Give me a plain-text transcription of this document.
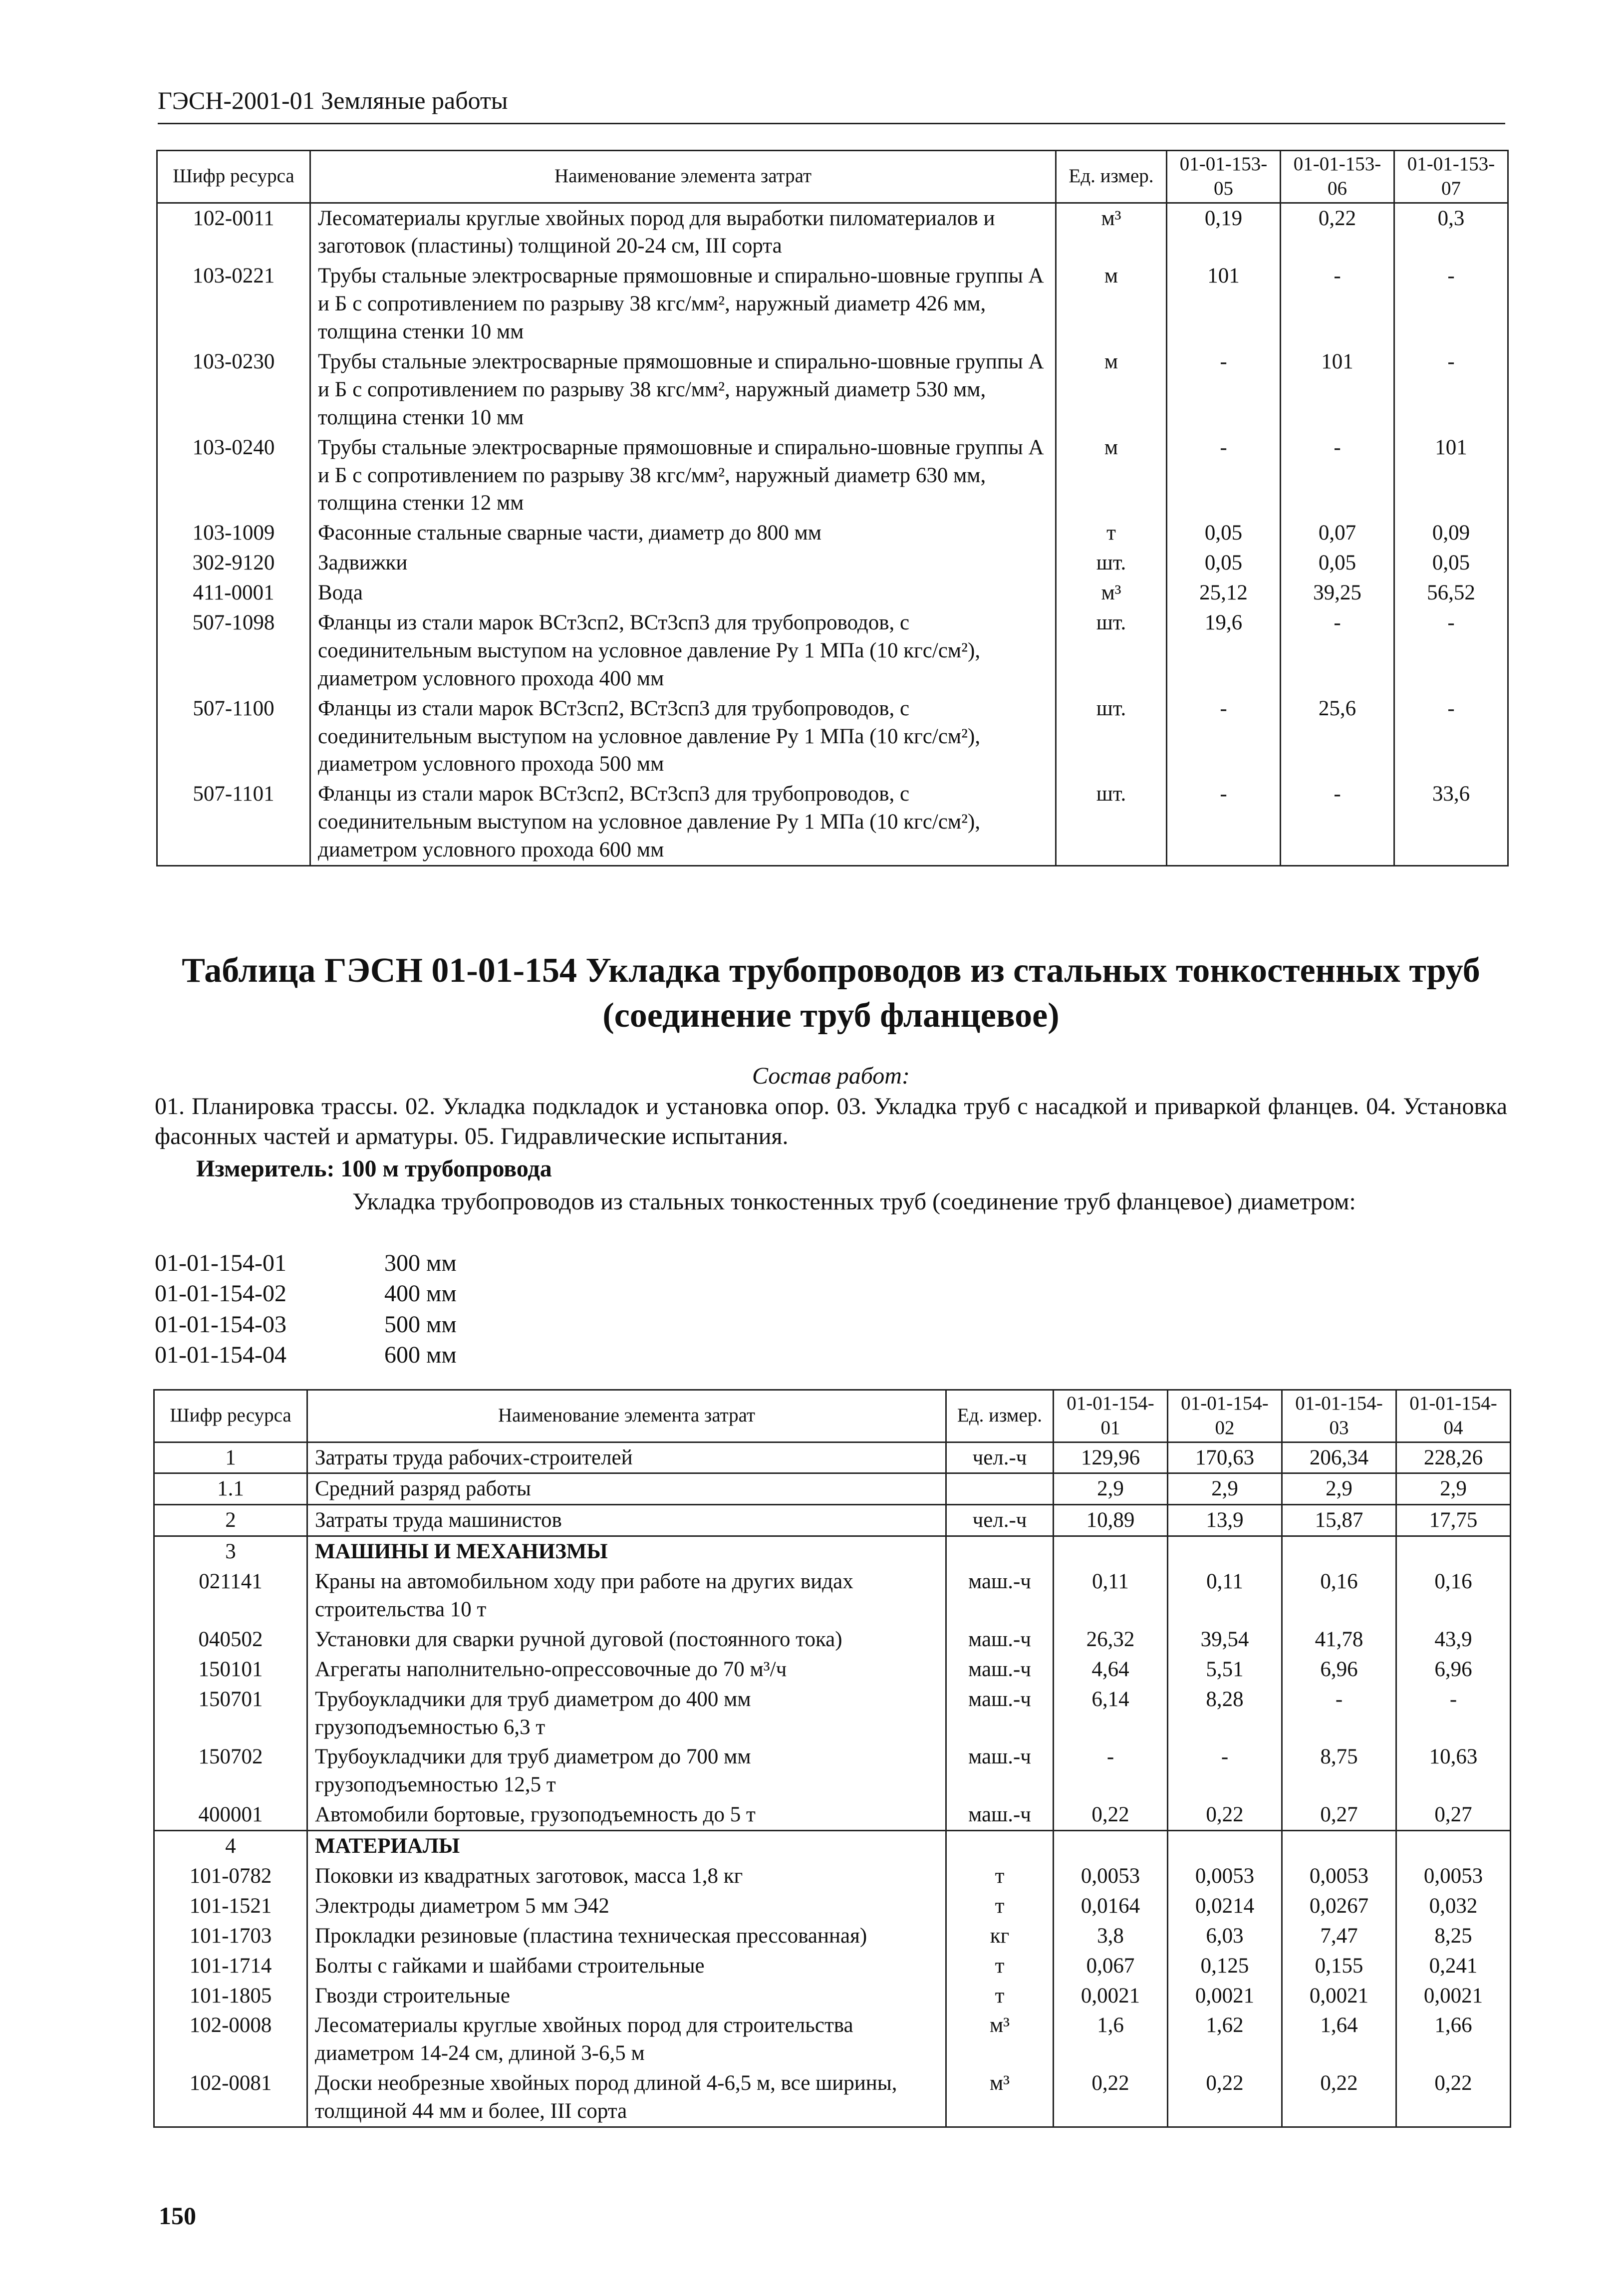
ГЭСН-2001-01 Земляные работы
Шифр ресурса	Наименование элемента затрат	Ед. измер.	01-01-153-05	01-01-153-06	01-01-153-07
102-0011	Лесоматериалы круглые хвойных пород для выработки пиломатериалов и заготовок (пластины) толщиной 20-24 см, III сорта	м³	0,19	0,22	0,3
103-0221	Трубы стальные электросварные прямошовные и спирально-шовные группы А и Б с сопротивлением по разрыву 38 кгс/мм², наружный диаметр 426 мм, толщина стенки 10 мм	м	101	-	-
103-0230	Трубы стальные электросварные прямошовные и спирально-шовные группы А и Б с сопротивлением по разрыву 38 кгс/мм², наружный диаметр 530 мм, толщина стенки 10 мм	м	-	101	-
103-0240	Трубы стальные электросварные прямошовные и спирально-шовные группы А и Б с сопротивлением по разрыву 38 кгс/мм², наружный диаметр 630 мм, толщина стенки 12 мм	м	-	-	101
103-1009	Фасонные стальные сварные части, диаметр до 800 мм	т	0,05	0,07	0,09
302-9120	Задвижки	шт.	0,05	0,05	0,05
411-0001	Вода	м³	25,12	39,25	56,52
507-1098	Фланцы из стали марок ВСт3сп2, ВСт3сп3 для трубопроводов, с соединительным выступом на условное давление Ру 1 МПа (10 кгс/см²), диаметром условного прохода 400 мм	шт.	19,6	-	-
507-1100	Фланцы из стали марок ВСт3сп2, ВСт3сп3 для трубопроводов, с соединительным выступом на условное давление Ру 1 МПа (10 кгс/см²), диаметром условного прохода 500 мм	шт.	-	25,6	-
507-1101	Фланцы из стали марок ВСт3сп2, ВСт3сп3 для трубопроводов, с соединительным выступом на условное давление Ру 1 МПа (10 кгс/см²), диаметром условного прохода 600 мм	шт.	-	-	33,6
Таблица ГЭСН 01-01-154 Укладка трубопроводов из стальных тонкостенных труб (соединение труб фланцевое)
Состав работ:
01. Планировка трассы. 02. Укладка подкладок и установка опор. 03. Укладка труб с насадкой и приваркой фланцев. 04. Установка фасонных частей и арматуры. 05. Гидравлические испытания.
Измеритель: 100 м трубопровода
Укладка трубопроводов из стальных тонкостенных труб (соединение труб фланцевое) диаметром:
01-01-154-01	300 мм
01-01-154-02	400 мм
01-01-154-03	500 мм
01-01-154-04	600 мм
Шифр ресурса	Наименование элемента затрат	Ед. измер.	01-01-154-01	01-01-154-02	01-01-154-03	01-01-154-04
1	Затраты труда рабочих-строителей	чел.-ч	129,96	170,63	206,34	228,26
1.1	Средний разряд работы		2,9	2,9	2,9	2,9
2	Затраты труда машинистов	чел.-ч	10,89	13,9	15,87	17,75
3	МАШИНЫ И МЕХАНИЗМЫ					
021141	Краны на автомобильном ходу при работе на других видах строительства 10 т	маш.-ч	0,11	0,11	0,16	0,16
040502	Установки для сварки ручной дуговой (постоянного тока)	маш.-ч	26,32	39,54	41,78	43,9
150101	Агрегаты наполнительно-опрессовочные до 70 м³/ч	маш.-ч	4,64	5,51	6,96	6,96
150701	Трубоукладчики для труб диаметром до 400 мм грузоподъемностью 6,3 т	маш.-ч	6,14	8,28	-	-
150702	Трубоукладчики для труб диаметром до 700 мм грузоподъемностью 12,5 т	маш.-ч	-	-	8,75	10,63
400001	Автомобили бортовые, грузоподъемность до 5 т	маш.-ч	0,22	0,22	0,27	0,27
4	МАТЕРИАЛЫ					
101-0782	Поковки из квадратных заготовок, масса 1,8 кг	т	0,0053	0,0053	0,0053	0,0053
101-1521	Электроды диаметром 5 мм Э42	т	0,0164	0,0214	0,0267	0,032
101-1703	Прокладки резиновые (пластина техническая прессованная)	кг	3,8	6,03	7,47	8,25
101-1714	Болты с гайками и шайбами строительные	т	0,067	0,125	0,155	0,241
101-1805	Гвозди строительные	т	0,0021	0,0021	0,0021	0,0021
102-0008	Лесоматериалы круглые хвойных пород для строительства диаметром 14-24 см, длиной 3-6,5 м	м³	1,6	1,62	1,64	1,66
102-0081	Доски необрезные хвойных пород длиной 4-6,5 м, все ширины, толщиной 44 мм и более, III сорта	м³	0,22	0,22	0,22	0,22
150
